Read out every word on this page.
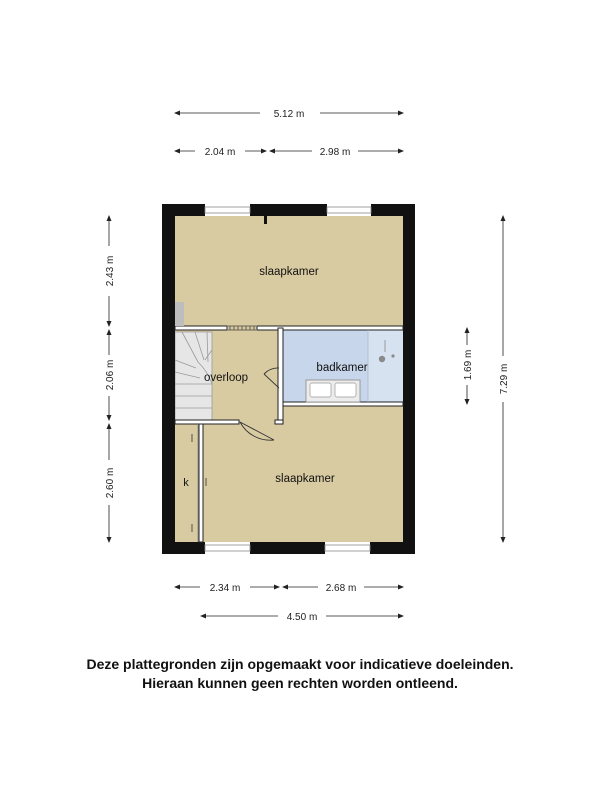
slaapkamer
overloop
badkamer
slaapkamer
k
5.12 m
2.04 m	2.98 m
2.43 m
2.06 m
2.60 m
1.69 m	7.29 m
2.34 m	2.68 m
4.50 m
Deze plattegronden zijn opgemaakt voor indicatieve doeleinden.
Hieraan kunnen geen rechten worden ontleend.
